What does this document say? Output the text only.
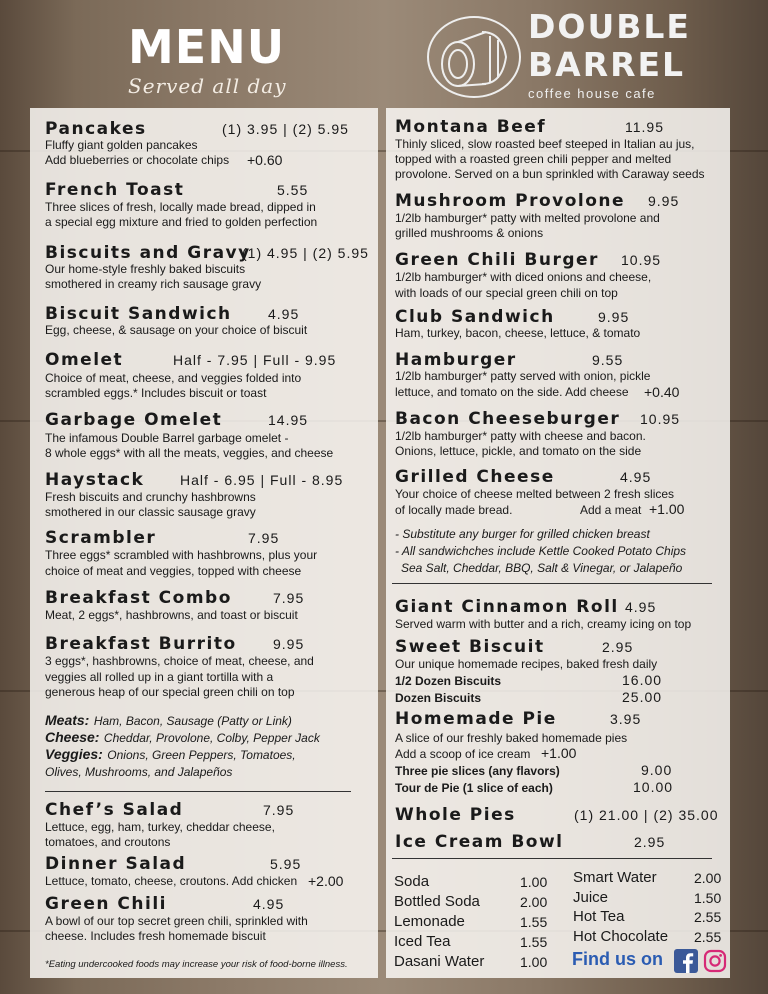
MENU
Served all day
DOUBLE
BARREL
coffee house cafe
Pancakes	(1) 3.95 | (2) 5.95
Fluffy giant golden pancakes
Add blueberries or chocolate chips +0.60
French Toast	5.55
Three slices of fresh, locally made bread, dipped in
a special egg mixture and fried to golden perfection
Biscuits and Gravy
(1) 4.95 | (2) 5.95
Our home-style freshly baked biscuits
smothered in creamy rich sausage gravy
Biscuit Sandwich	4.95
Egg, cheese, & sausage on your choice of biscuit
Omelet	Half - 7.95 | Full - 9.95
Choice of meat, cheese, and veggies folded into
scrambled eggs.* Includes biscuit or toast
Garbage Omelet	14.95
The infamous Double Barrel garbage omelet -
8 whole eggs* with all the meats, veggies, and cheese
Haystack	Half - 6.95 | Full - 8.95
Fresh biscuits and crunchy hashbrowns
smothered in our classic sausage gravy
Scrambler	7.95
Three eggs* scrambled with hashbrowns, plus your
choice of meat and veggies, topped with cheese
Breakfast Combo	7.95
Meat, 2 eggs*, hashbrowns, and toast or biscuit
Breakfast Burrito	9.95
3 eggs*, hashbrowns, choice of meat, cheese, and
veggies all rolled up in a giant tortilla with a
generous heap of our special green chili on top
Meats: Ham, Bacon, Sausage (Patty or Link)
Cheese: Cheddar, Provolone, Colby, Pepper Jack
Veggies: Onions, Green Peppers, Tomatoes,
Olives, Mushrooms, and Jalapeños
Chef’s Salad	7.95
Lettuce, egg, ham, turkey, cheddar cheese,
tomatoes, and croutons
Dinner Salad	5.95
Lettuce, tomato, cheese, croutons. Add chicken +2.00
Green Chili	4.95
A bowl of our top secret green chili, sprinkled with
cheese. Includes fresh homemade biscuit
*Eating undercooked foods may increase your risk of food-borne illness.
Montana Beef	11.95
Thinly sliced, slow roasted beef steeped in Italian au jus,
topped with a roasted green chili pepper and melted
provolone. Served on a bun sprinkled with Caraway seeds
Mushroom Provolone 9.95
1/2lb hamburger* patty with melted provolone and
grilled mushrooms & onions
Green Chili Burger 10.95
1/2lb hamburger* with diced onions and cheese,
with loads of our special green chili on top
Club Sandwich	9.95
Ham, turkey, bacon, cheese, lettuce, & tomato
Hamburger	9.55
1/2lb hamburger* patty served with onion, pickle
lettuce, and tomato on the side. Add cheese +0.40
Bacon Cheeseburger 10.95
1/2lb hamburger* patty with cheese and bacon.
Onions, lettuce, pickle, and tomato on the side
Grilled Cheese	4.95
Your choice of cheese melted between 2 fresh slices
of locally made bread.	Add a meat +1.00
- Substitute any burger for grilled chicken breast
- All sandwichches include Kettle Cooked Potato Chips
Sea Salt, Cheddar, BBQ, Salt & Vinegar, or Jalapeño
Giant Cinnamon Roll 4.95
Served warm with butter and a rich, creamy icing on top
Sweet Biscuit	2.95
Our unique homemade recipes, baked fresh daily
1/2 Dozen Biscuits	16.00
Dozen Biscuits	25.00
Homemade Pie	3.95
A slice of our freshly baked homemade pies
Add a scoop of ice cream +1.00
Three pie slices (any flavors)	9.00
Tour de Pie (1 slice of each)	10.00
Whole Pies	(1) 21.00 | (2) 35.00
Ice Cream Bowl	2.95
Soda	1.00
Bottled Soda	2.00
Lemonade	1.55
Iced Tea	1.55
Dasani Water	1.00
Smart Water	2.00
Juice	1.50
Hot Tea	2.55
Hot Chocolate 2.55
Find us on
